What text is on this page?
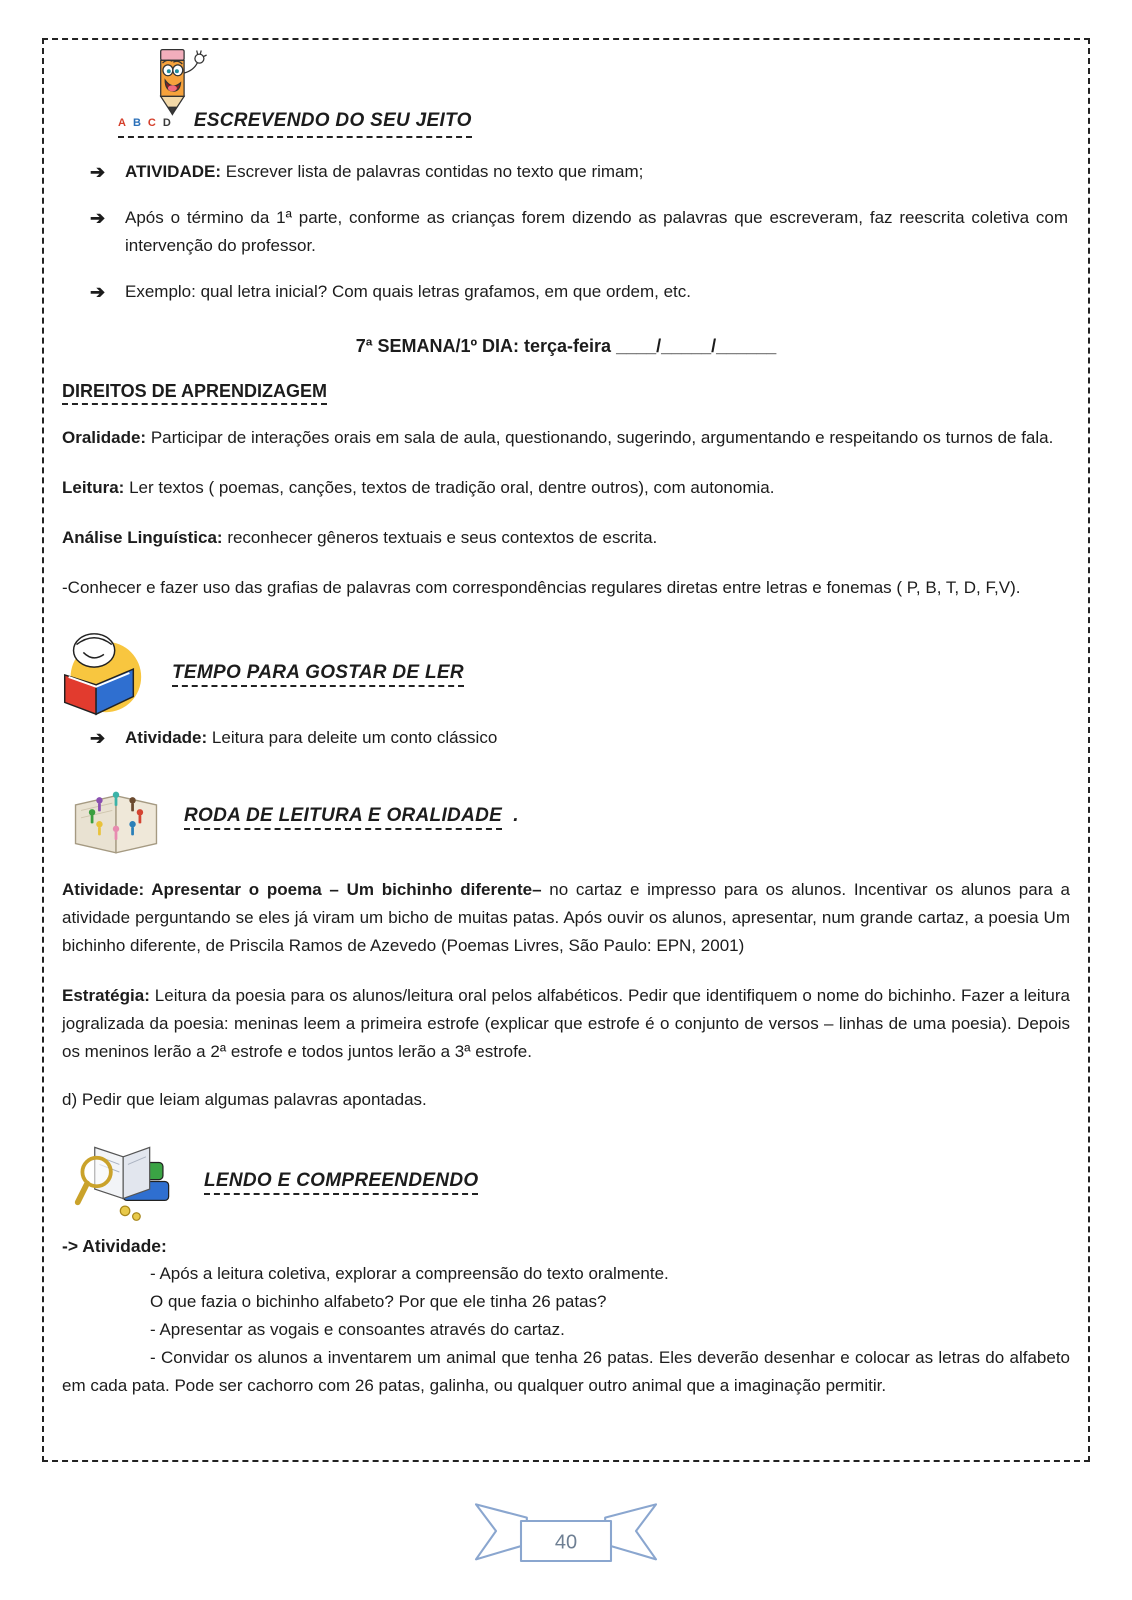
A B C D ESCREVENDO DO SEU JEITO
➔ ATIVIDADE: Escrever lista de palavras contidas no texto que rimam;
➔ Após o término da 1ª parte, conforme as crianças forem dizendo as palavras que escreveram, faz reescrita coletiva com intervenção do professor.
➔ Exemplo: qual letra inicial? Com quais letras grafamos, em que ordem, etc.
7ª SEMANA/1º DIA: terça-feira ____/_____/______
DIREITOS DE APRENDIZAGEM

Oralidade: Participar de interações orais em sala de aula, questionando, sugerindo, argumentando e respeitando os turnos de fala.

Leitura: Ler textos ( poemas, canções, textos de tradição oral, dentre outros), com autonomia.

Análise Linguística: reconhecer gêneros textuais e seus contextos de escrita.

-Conhecer e fazer uso das grafias de palavras com correspondências regulares diretas entre letras e fonemas ( P, B, T, D, F,V).

TEMPO PARA GOSTAR DE LER
➔ Atividade: Leitura para deleite um conto clássico
RODA DE LEITURA E ORALIDADE .

Atividade: Apresentar o poema – Um bichinho diferente– no cartaz e impresso para os alunos. Incentivar os alunos para a atividade perguntando se eles já viram um bicho de muitas patas. Após ouvir os alunos, apresentar, num grande cartaz, a poesia Um bichinho diferente, de Priscila Ramos de Azevedo (Poemas Livres, São Paulo: EPN, 2001)

Estratégia: Leitura da poesia para os alunos/leitura oral pelos alfabéticos. Pedir que identifiquem o nome do bichinho. Fazer a leitura jogralizada da poesia: meninas leem a primeira estrofe (explicar que estrofe é o conjunto de versos – linhas de uma poesia). Depois os meninos lerão a 2ª estrofe e todos juntos lerão a 3ª estrofe.

d) Pedir que leiam algumas palavras apontadas.
LENDO E COMPREENDENDO
-> Atividade:
- Após a leitura coletiva, explorar a compreensão do texto oralmente.
O que fazia o bichinho alfabeto? Por que ele tinha 26 patas?
- Apresentar as vogais e consoantes através do cartaz.
- Convidar os alunos a inventarem um animal que tenha 26 patas. Eles deverão desenhar e colocar as letras do alfabeto em cada pata. Pode ser cachorro com 26 patas, galinha, ou qualquer outro animal que a imaginação permitir.
40
